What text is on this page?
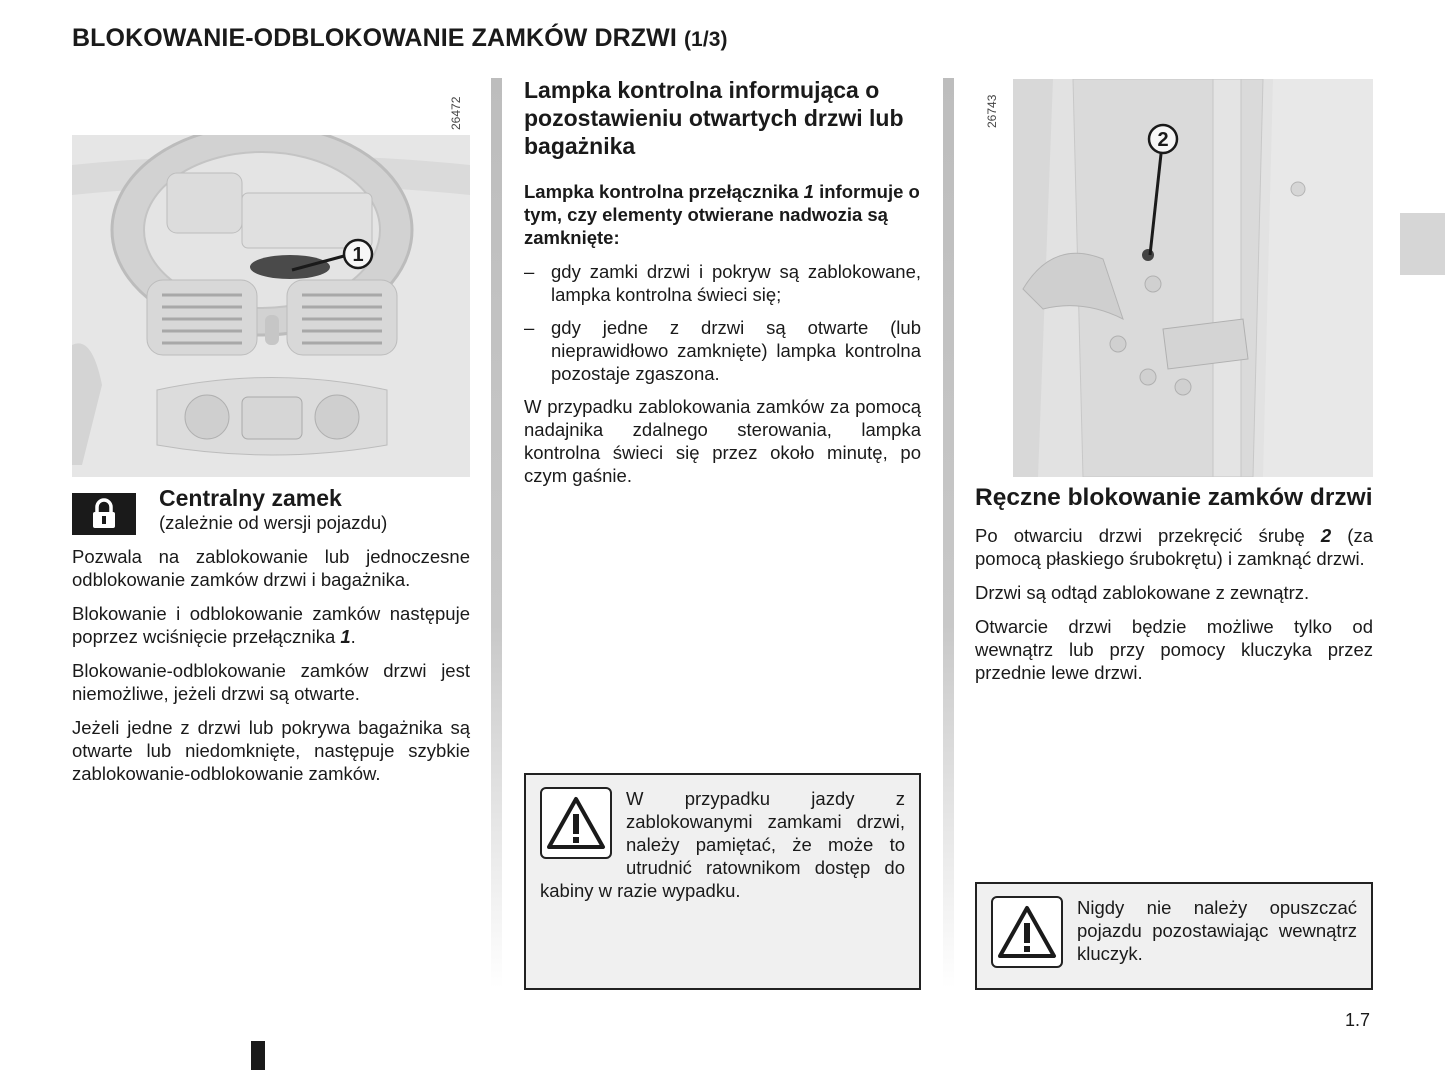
BLOKOWANIE-ODBLOKOWANIE ZAMKÓW DRZWI (1/3)
1.7
26472
1
Centralny zamek
(zależnie od wersji pojazdu)

Pozwala na zablokowanie lub jednoczesne odblokowanie zamków drzwi i bagażnika.

Blokowanie i odblokowanie zamków następuje poprzez wciśnięcie przełącznika 1.

Blokowanie-odblokowanie zamków drzwi jest niemożliwe, jeżeli drzwi są otwarte.

Jeżeli jedne z drzwi lub pokrywa bagażnika są otwarte lub niedomknięte, następuje szybkie zablokowanie-odblokowanie zamków.

Lampka kontrolna informująca o pozostawieniu otwartych drzwi lub bagażnika

Lampka kontrolna przełącznika 1 informuje o tym, czy elementy otwierane nadwozia są zamknięte:

– gdy zamki drzwi i pokryw są zablokowane, lampka kontrolna świeci się;
– gdy jedne z drzwi są otwarte (lub nieprawidłowo zamknięte) lampka kontrolna pozostaje zgaszona.

W przypadku zablokowania zamków za pomocą nadajnika zdalnego sterowania, lampka kontrolna świeci się przez około minutę, po czym gaśnie.

W przypadku jazdy z zablokowanymi zamkami drzwi, należy pamiętać, że może to utrudnić ratownikom dostęp do kabiny w razie wypadku.

26743
2
Ręczne blokowanie zamków drzwi

Po otwarciu drzwi przekręcić śrubę 2 (za pomocą płaskiego śrubokrętu) i zamknąć drzwi.

Drzwi są odtąd zablokowane z zewnątrz.

Otwarcie drzwi będzie możliwe tylko od wewnątrz lub przy pomocy kluczyka przez przednie lewe drzwi.

Nigdy nie należy opuszczać pojazdu pozostawiając wewnątrz kluczyk.
